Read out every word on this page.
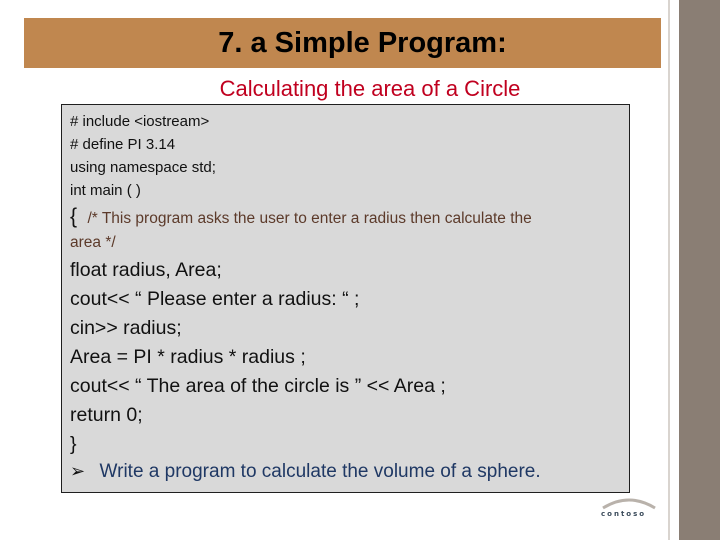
7. a Simple Program:
Calculating the area of a Circle
# include <iostream>
# define PI 3.14
using namespace std;
int main ( )
{ /* This program asks the user to enter a radius then calculate the
area */
float radius, Area;
cout<< “ Please enter a radius: “ ;
cin>> radius;
Area = PI * radius * radius ;
cout<< “ The area of the circle is ” << Area ;
return 0;
}
➢ Write a program to calculate the volume of a sphere.
contoso
